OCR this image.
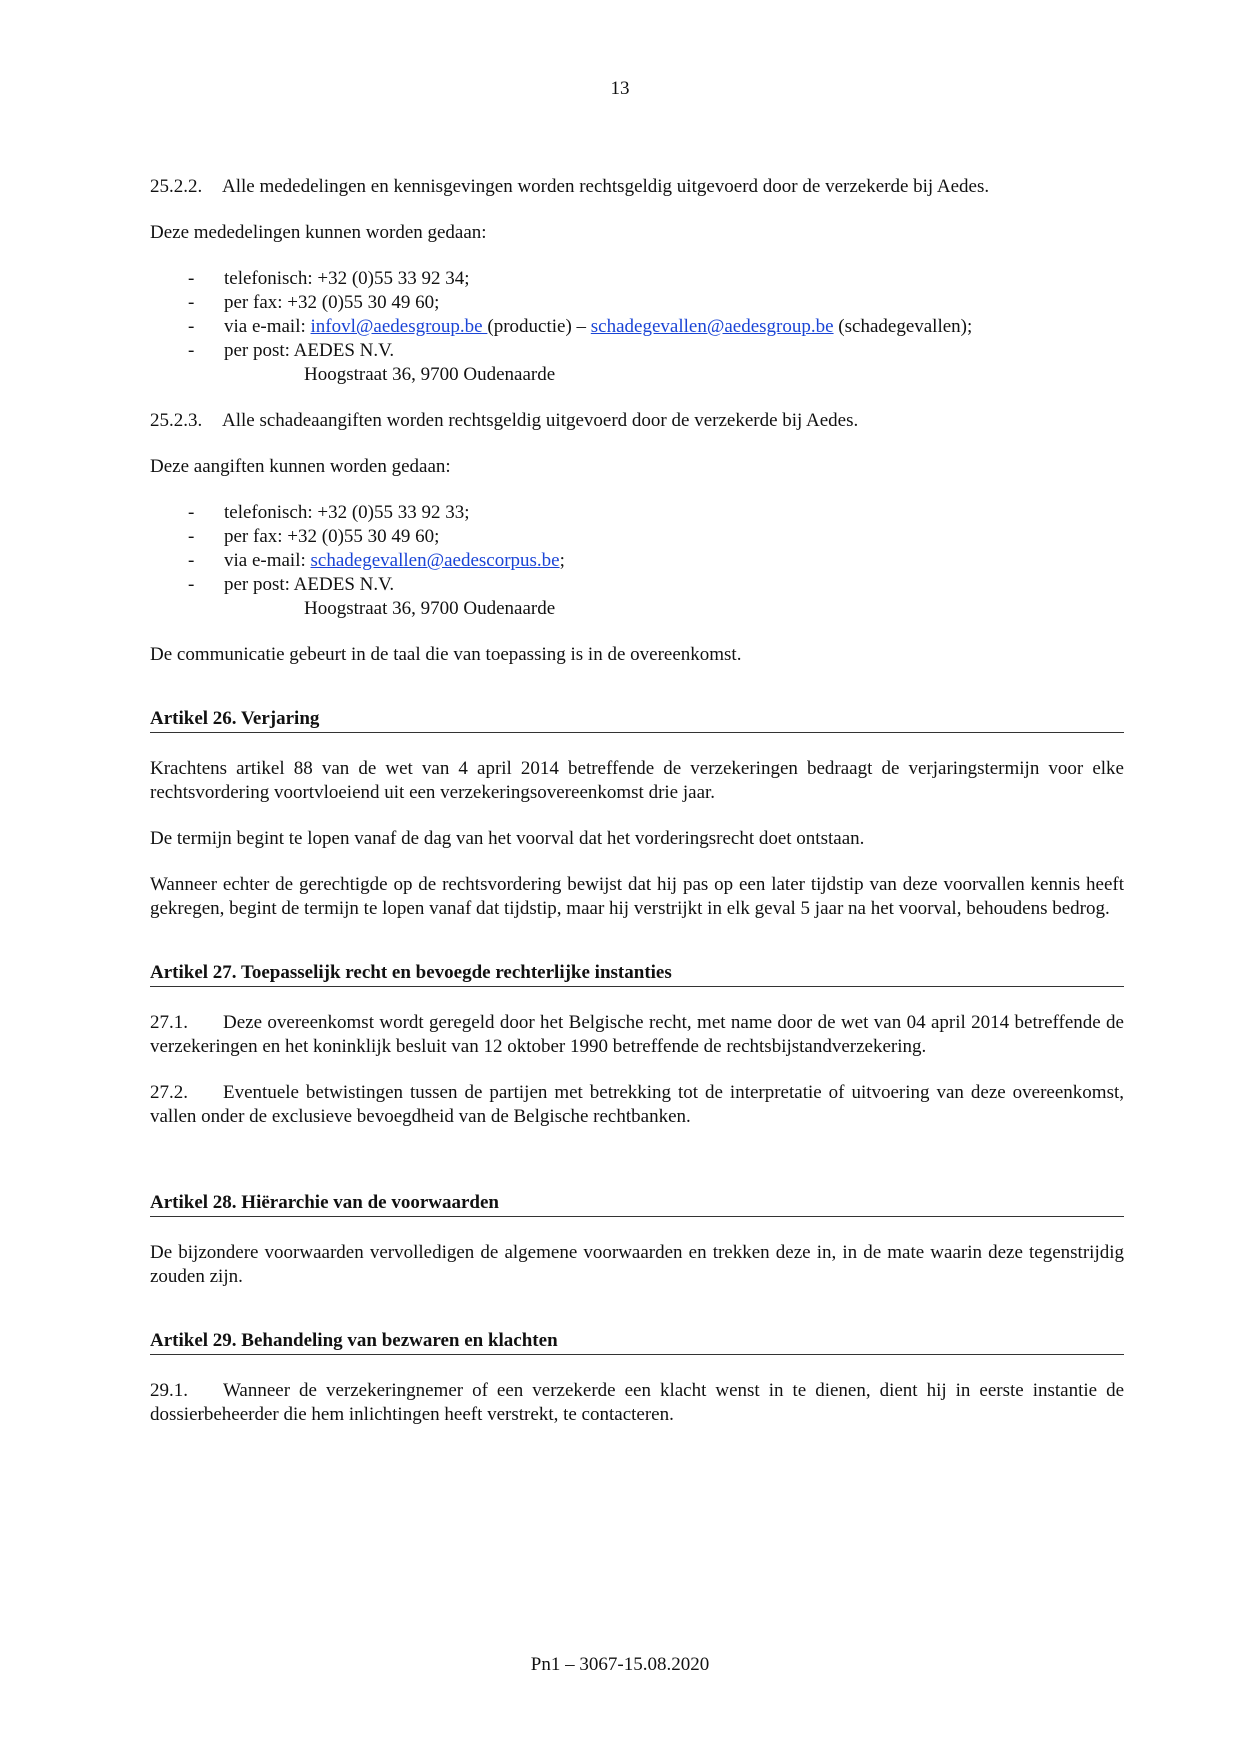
13

25.2.2. Alle mededelingen en kennisgevingen worden rechtsgeldig uitgevoerd door de verzekerde bij Aedes.

Deze mededelingen kunnen worden gedaan:

- telefonisch: +32 (0)55 33 92 34;
- per fax: +32 (0)55 30 49 60;
- via e-mail: infovl@aedesgroup.be (productie) – schadegevallen@aedesgroup.be (schadegevallen);
- per post: AEDES N.V.

Hoogstraat 36, 9700 Oudenaarde

25.2.3. Alle schadeaangiften worden rechtsgeldig uitgevoerd door de verzekerde bij Aedes.

Deze aangiften kunnen worden gedaan:

- telefonisch: +32 (0)55 33 92 33;
- per fax: +32 (0)55 30 49 60;
- via e-mail: schadegevallen@aedescorpus.be;
- per post: AEDES N.V.

Hoogstraat 36, 9700 Oudenaarde

De communicatie gebeurt in de taal die van toepassing is in de overeenkomst.

Artikel 26. Verjaring

Krachtens artikel 88 van de wet van 4 april 2014 betreffende de verzekeringen bedraagt de verjaringstermijn voor elke rechtsvordering voortvloeiend uit een verzekeringsovereenkomst drie jaar.

De termijn begint te lopen vanaf de dag van het voorval dat het vorderingsrecht doet ontstaan.

Wanneer echter de gerechtigde op de rechtsvordering bewijst dat hij pas op een later tijdstip van deze voorvallen kennis heeft gekregen, begint de termijn te lopen vanaf dat tijdstip, maar hij verstrijkt in elk geval 5 jaar na het voorval, behoudens bedrog.

Artikel 27. Toepasselijk recht en bevoegde rechterlijke instanties

27.1. Deze overeenkomst wordt geregeld door het Belgische recht, met name door de wet van 04 april 2014 betreffende de verzekeringen en het koninklijk besluit van 12 oktober 1990 betreffende de rechtsbijstandverzekering.

27.2. Eventuele betwistingen tussen de partijen met betrekking tot de interpretatie of uitvoering van deze overeenkomst, vallen onder de exclusieve bevoegdheid van de Belgische rechtbanken.

Artikel 28. Hiërarchie van de voorwaarden

De bijzondere voorwaarden vervolledigen de algemene voorwaarden en trekken deze in, in de mate waarin deze tegenstrijdig zouden zijn.

Artikel 29. Behandeling van bezwaren en klachten

29.1. Wanneer de verzekeringnemer of een verzekerde een klacht wenst in te dienen, dient hij in eerste instantie de dossierbeheerder die hem inlichtingen heeft verstrekt, te contacteren.

Pn1 – 3067-15.08.2020
